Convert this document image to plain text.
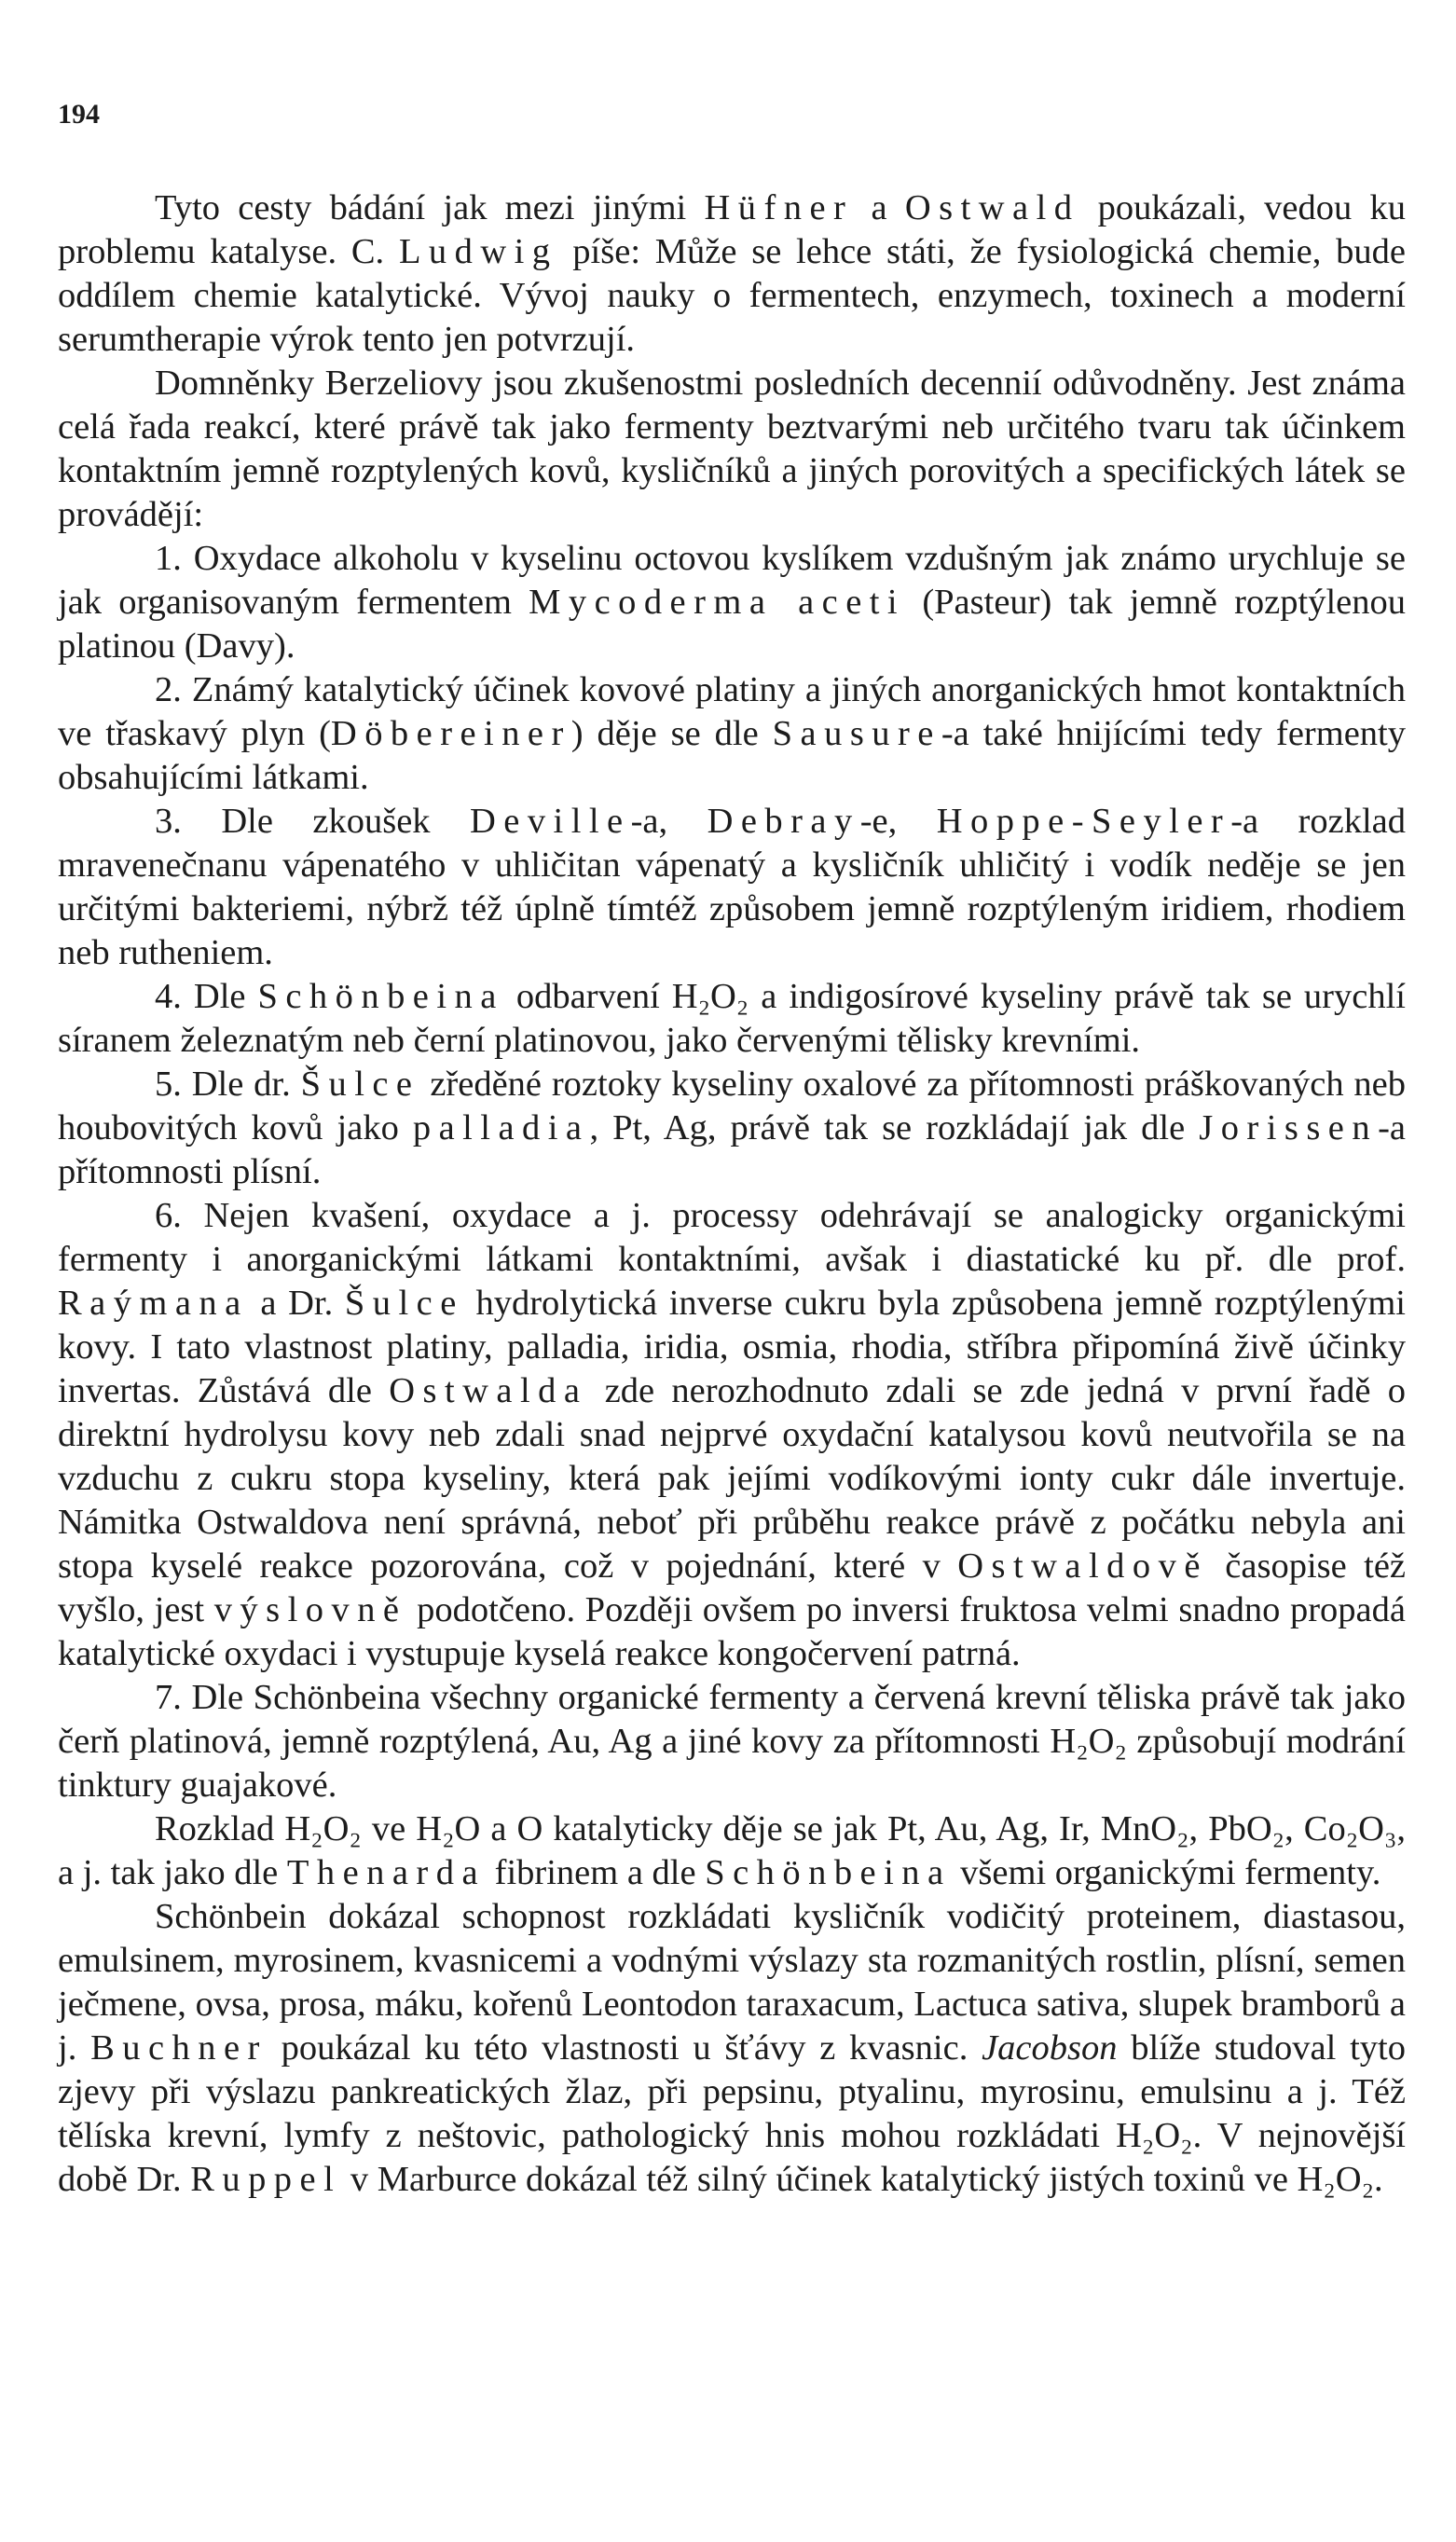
194

Tyto cesty bádání jak mezi jinými Hüfner a Ostwald poukázali, vedou ku problemu katalyse. C. Ludwig píše: Může se lehce státi, že fysiologická chemie, bude oddílem chemie katalytické. Vývoj nauky o fermentech, enzymech, toxinech a moderní serumtherapie výrok tento jen potvrzují.

Domněnky Berzeliovy jsou zkušenostmi posledních decennií odůvodněny. Jest známa celá řada reakcí, které právě tak jako fermenty beztvarými neb určitého tvaru tak účinkem kontaktním jemně rozptylených kovů, kysličníků a jiných porovitých a specifických látek se provádějí:

1. Oxydace alkoholu v kyselinu octovou kyslíkem vzdušným jak známo urychluje se jak organisovaným fermentem Mycoderma aceti (Pasteur) tak jemně rozptýlenou platinou (Davy).

2. Známý katalytický účinek kovové platiny a jiných anorganických hmot kontaktních ve třaskavý plyn (Döbereiner) děje se dle Sausure-a také hnijícími tedy fermenty obsahujícími látkami.

3. Dle zkoušek Deville-a, Debray-e, Hoppe-Seyler-a rozklad mravenečnanu vápenatého v uhličitan vápenatý a kysličník uhličitý i vodík neděje se jen určitými bakteriemi, nýbrž též úplně tímtéž způsobem jemně rozptýleným iridiem, rhodiem neb rutheniem.

4. Dle Schönbeina odbarvení H₂O₂ a indigosírové kyseliny právě tak se urychlí síranem železnatým neb černí platinovou, jako červenými tělisky krevními.

5. Dle dr. Šulce zředěné roztoky kyseliny oxalové za přítomnosti práškovaných neb houbovitých kovů jako palladia, Pt, Ag, právě tak se rozkládají jak dle Jorissen-a přítomnosti plísní.

6. Nejen kvašení, oxydace a j. processy odehrávají se analogicky organickými fermenty i anorganickými látkami kontaktními, avšak i diastatické ku př. dle prof. Raýmana a Dr. Šulce hydrolytická inverse cukru byla způsobena jemně rozptýlenými kovy. I tato vlastnost platiny, palladia, iridia, osmia, rhodia, stříbra připomíná živě účinky invertas. Zůstává dle Ostwalda zde nerozhodnuto zdali se zde jedná v první řadě o direktní hydrolysu kovy neb zdali snad nejprvé oxydační katalysou kovů neutvořila se na vzduchu z cukru stopa kyseliny, která pak jejími vodíkovými ionty cukr dále invertuje. Námitka Ostwaldova není správná, neboť při průběhu reakce právě z počátku nebyla ani stopa kyselé reakce pozorována, což v pojednání, které v Ostwaldově časopise též vyšlo, jest výslovně podotčeno. Později ovšem po inversi fruktosa velmi snadno propadá katalytické oxydaci i vystupuje kyselá reakce kongočervení patrná.

7. Dle Schönbeina všechny organické fermenty a červená krevní těliska právě tak jako čerň platinová, jemně rozptýlená, Au, Ag a jiné kovy za přítomnosti H₂O₂ způsobují modrání tinktury guajakové.

Rozklad H₂O₂ ve H₂O a O katalyticky děje se jak Pt, Au, Ag, Ir, MnO₂, PbO₂, Co₂O₃, a j. tak jako dle Thenarda fibrinem a dle Schönbeina všemi organickými fermenty.

Schönbein dokázal schopnost rozkládati kysličník vodičitý proteinem, diastasou, emulsinem, myrosinem, kvasnicemi a vodnými výslazy sta rozmanitých rostlin, plísní, semen ječmene, ovsa, prosa, máku, kořenů Leontodon taraxacum, Lactuca sativa, slupek bramborů a j. Buchner poukázal ku této vlastnosti u šťávy z kvasnic. Jacobson blíže studoval tyto zjevy při výslazu pankreatických žlaz, při pepsinu, ptyalinu, myrosinu, emulsinu a j. Též tělíska krevní, lymfy z neštovic, pathologický hnis mohou rozkládati H₂O₂. V nejnovější době Dr. Ruppel v Marburce dokázal též silný účinek katalytický jistých toxinů ve H₂O₂.
